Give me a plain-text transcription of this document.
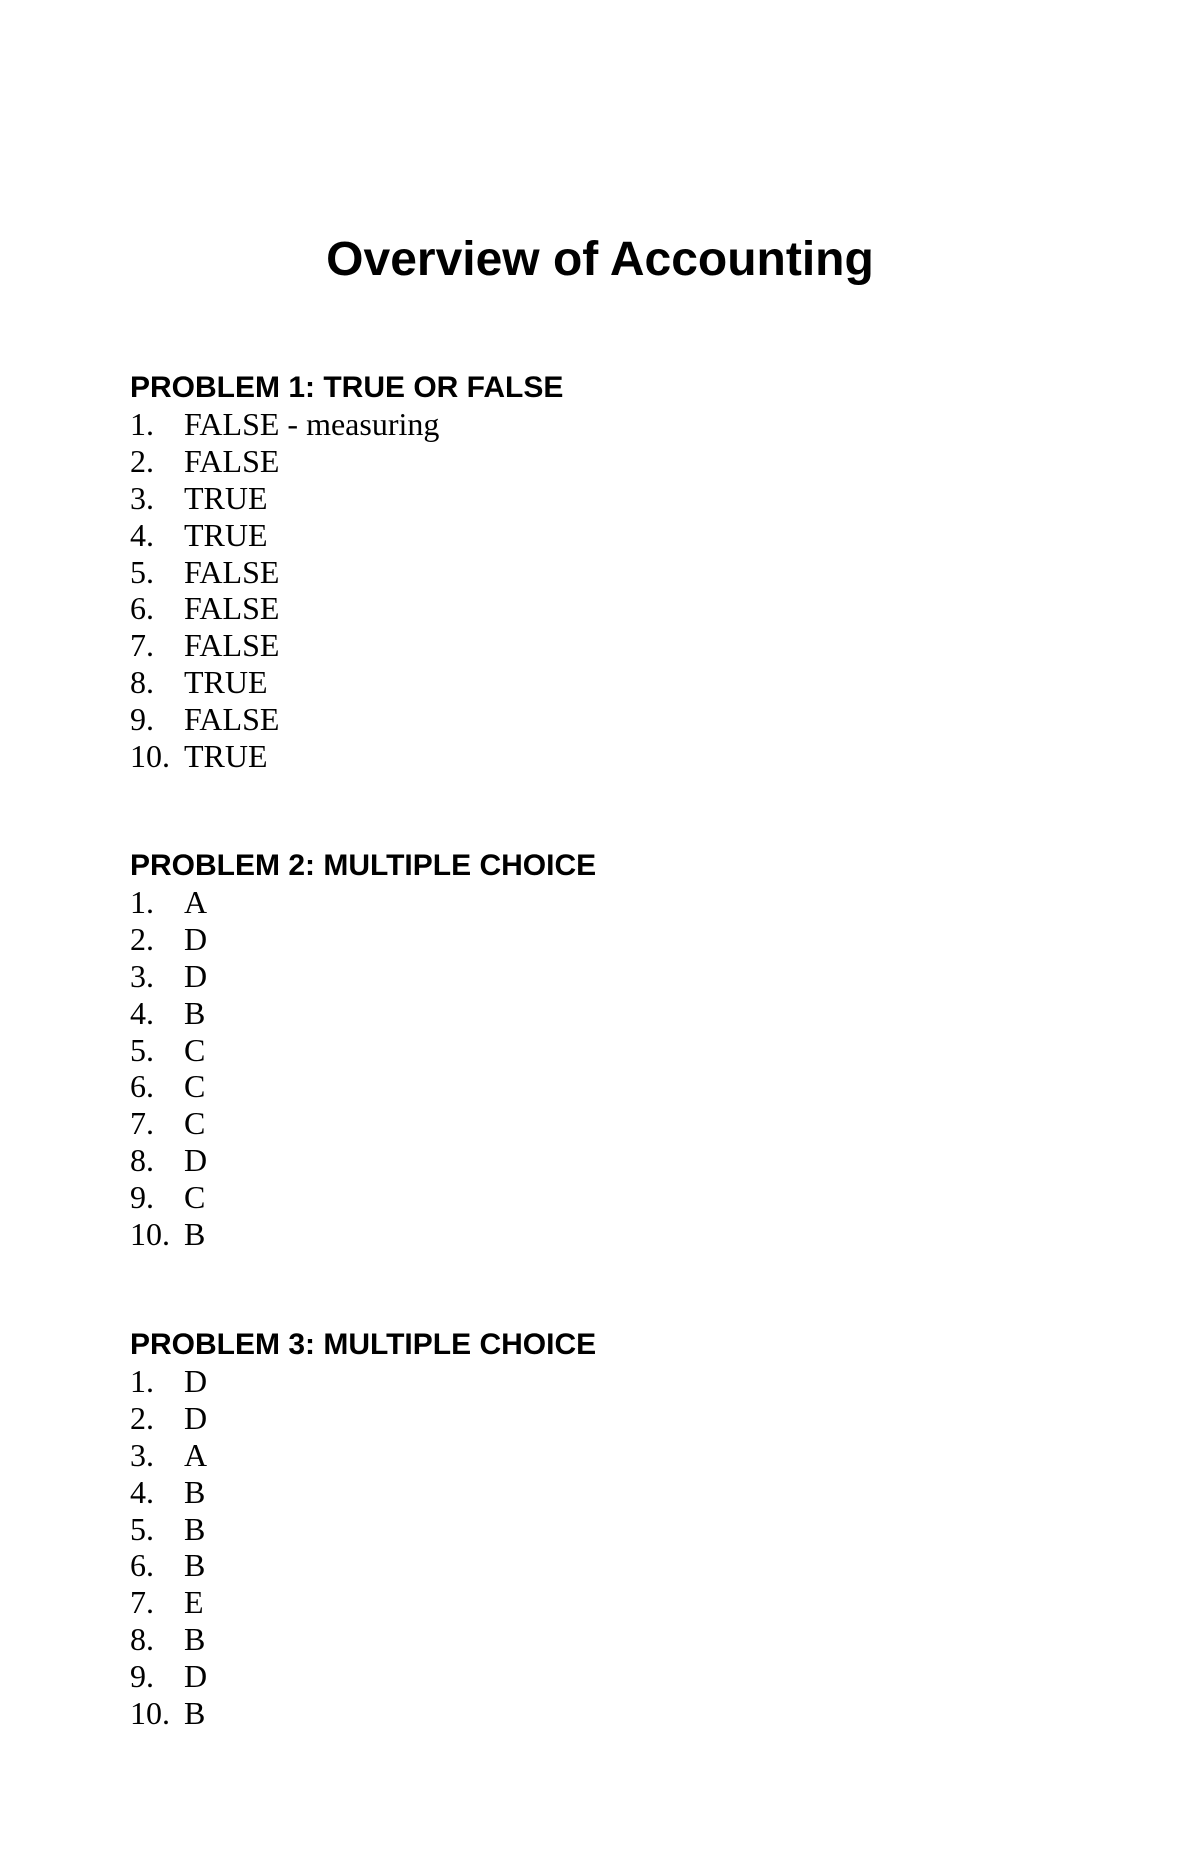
Overview of Accounting
PROBLEM 1: TRUE OR FALSE
1. FALSE - measuring
2. FALSE
3. TRUE
4. TRUE
5. FALSE
6. FALSE
7. FALSE
8. TRUE
9. FALSE
10. TRUE
PROBLEM 2: MULTIPLE CHOICE
1. A
2. D
3. D
4. B
5. C
6. C
7. C
8. D
9. C
10. B
PROBLEM 3: MULTIPLE CHOICE
1. D
2. D
3. A
4. B
5. B
6. B
7. E
8. B
9. D
10. B
